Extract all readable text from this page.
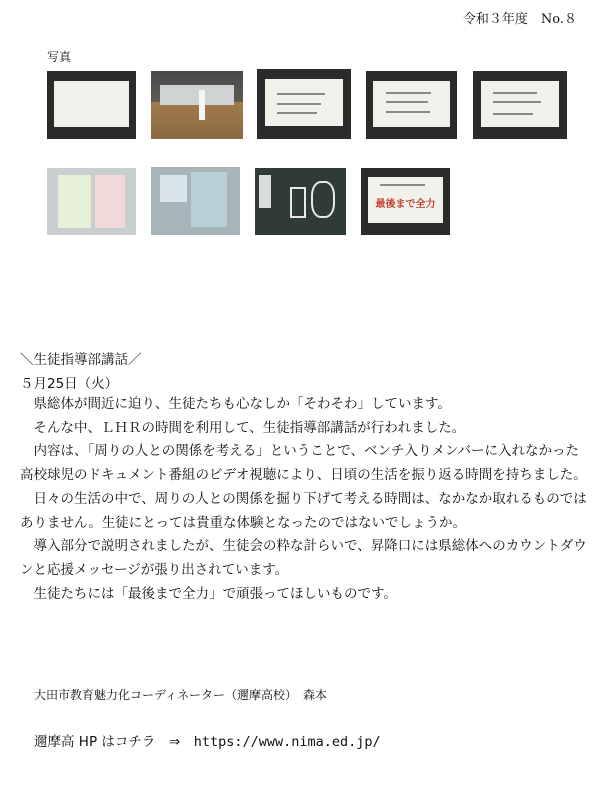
令和３年度　No.８
写真
最後まで全力
＼生徒指導部講話／
５月25日（火）

県総体が間近に迫り、生徒たちも心なしか「そわそわ」しています。

そんな中、ＬＨＲの時間を利用して、生徒指導部講話が行われました。

内容は、「周りの人との関係を考える」ということで、ベンチ入りメンバーに入れなかった高校球児のドキュメント番組のビデオ視聴により、日頃の生活を振り返る時間を持ちました。

日々の生活の中で、周りの人との関係を掘り下げて考える時間は、なかなか取れるものではありません。生徒にとっては貴重な体験となったのではないでしょうか。

導入部分で説明されましたが、生徒会の粋な計らいで、昇降口には県総体へのカウントダウンと応援メッセージが張り出されています。

生徒たちには「最後まで全力」で頑張ってほしいものです。

大田市教育魅力化コーディネーター（邇摩高校）　森本
邇摩高 HP はコチラ　⇒　https://www.nima.ed.jp/
